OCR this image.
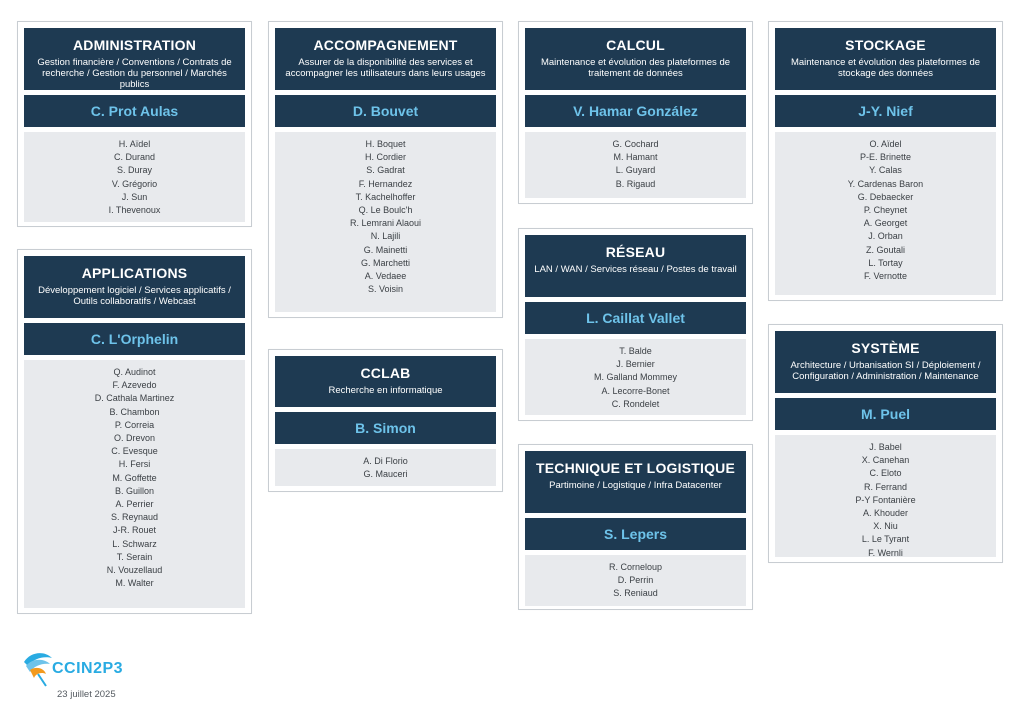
ADMINISTRATION
Gestion financière / Conventions / Contrats de
recherche / Gestion du personnel / Marchés publics
C. Prot Aulas
H. Aïdel
C. Durand
S. Duray
V. Grégorio
J. Sun
I. Thevenoux
ACCOMPAGNEMENT
Assurer de la disponibilité des services et
accompagner les utilisateurs dans leurs usages
D. Bouvet
H. Boquet
H. Cordier
S. Gadrat
F. Hernandez
T. Kachelhoffer
Q. Le Boulc'h
R. Lemrani Alaoui
N. Lajili
G. Mainetti
G. Marchetti
A. Vedaee
S. Voisin
CALCUL
Maintenance et évolution des plateformes de
traitement de données
V. Hamar González
G. Cochard
M. Hamant
L. Guyard
B. Rigaud
STOCKAGE
Maintenance et évolution des plateformes de
stockage des données
J-Y. Nief
O. Aïdel
P-E. Brinette
Y. Calas
Y. Cardenas Baron
G. Debaecker
P. Cheynet
A. Georget
J. Orban
Z. Goutali
L. Tortay
F. Vernotte
APPLICATIONS
Développement logiciel / Services applicatifs /
Outils collaboratifs / Webcast
C. L'Orphelin
Q. Audinot
F. Azevedo
D. Cathala Martinez
B. Chambon
P. Correia
O. Drevon
C. Evesque
H. Fersi
M. Goffette
B. Guillon
A. Perrier
S. Reynaud
J-R. Rouet
L. Schwarz
T. Serain
N. Vouzellaud
M. Walter
RÉSEAU
LAN / WAN / Services réseau / Postes de travail
L. Caillat Vallet
T. Balde
J. Bernier
M. Galland Mommey
A. Lecorre-Bonet
C. Rondelet
SYSTÈME
Architecture / Urbanisation SI / Déploiement /
Configuration / Administration / Maintenance
M. Puel
J. Babel
X. Canehan
C. Eloto
R. Ferrand
P-Y Fontanière
A. Khouder
X. Niu
L. Le Tyrant
F. Wernli
CCLAB
Recherche en informatique
B. Simon
A. Di Florio
G. Mauceri	TECHNIQUE ET LOGISTIQUE
Partimoine / Logistique / Infra Datacenter
S. Lepers
R. Corneloup
D. Perrin
S. Reniaud
CCIN2P3
23 juillet 2025
